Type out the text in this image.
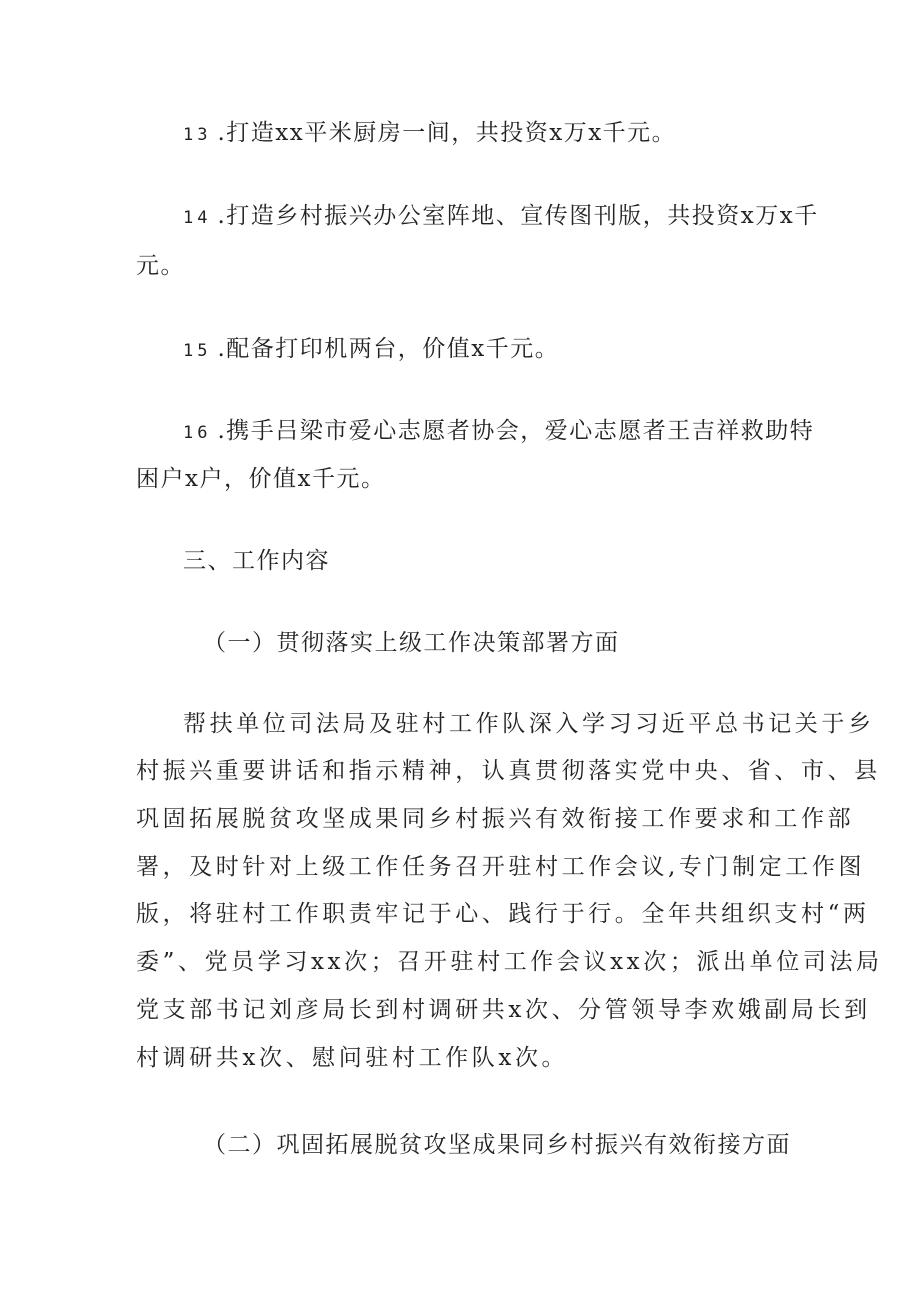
13 .打造xx平米厨房一间，共投资x万x千元。
14 .打造乡村振兴办公室阵地、宣传图刊版，共投资x万x千
元。
15 .配备打印机两台，价值x千元。
16 .携手吕梁市爱心志愿者协会，爱心志愿者王吉祥救助特
困户x户，价值x千元。
三、工作内容
（一）贯彻落实上级工作决策部署方面
帮扶单位司法局及驻村工作队深入学习习近平总书记关于乡
村振兴重要讲话和指示精神，认真贯彻落实党中央、省、市、县
巩固拓展脱贫攻坚成果同乡村振兴有效衔接工作要求和工作部
署，及时针对上级工作任务召开驻村工作会议,专门制定工作图
版，将驻村工作职责牢记于心、践行于行。全年共组织支村“两
委”、党员学习xx次；召开驻村工作会议xx次；派出单位司法局
党支部书记刘彦局长到村调研共x次、分管领导李欢娥副局长到
村调研共x次、慰问驻村工作队x次。
（二）巩固拓展脱贫攻坚成果同乡村振兴有效衔接方面
